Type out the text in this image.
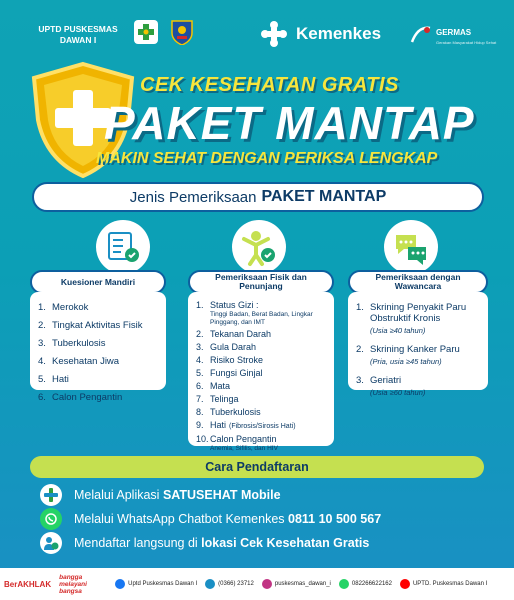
UPTD PUSKESMAS DAWAN I	Kemenkes	GERMAS
Gerakan Masyarakat Hidup Sehat
CEK KESEHATAN GRATIS
PAKET MANTAP
MAKIN SEHAT DENGAN PERIKSA LENGKAP
Jenis Pemeriksaan PAKET MANTAP
Kuesioner Mandiri	Pemeriksaan Fisik dan Penunjang
Pemeriksaan dengan Wawancara
1. Merokok
2. Tingkat Aktivitas Fisik
3. Tuberkulosis
4. Kesehatan Jiwa
5. Hati
6. Calon Pengantin
1. Status Gizi :
Tinggi Badan, Berat Badan, Lingkar Pinggang, dan IMT
2. Tekanan Darah
3. Gula Darah
4. Risiko Stroke
5. Fungsi Ginjal
6. Mata
7. Telinga
8. Tuberkulosis
9. Hati (Fibrosis/Sirosis Hati)
10. Calon Pengantin
Anemia, Sifilis, dan HIV
1. Skrining Penyakit Paru Obstruktif Kronis
(Usia ≥40 tahun)
2. Skrining Kanker Paru
(Pria, usia ≥45 tahun)
3. Geriatri
(Usia ≥60 tahun)
Cara Pendaftaran
Melalui Aplikasi SATUSEHAT Mobile
Melalui WhatsApp Chatbot Kemenkes 0811 10 500 567
Mendaftar langsung di lokasi Cek Kesehatan Gratis
BerAKHLAK
bangga melayani bangsa
Uptd Puskesmas Dawan I	(0366) 23712	puskesmas_dawan_i	082266622162	UPTD. Puskesmas Dawan I
